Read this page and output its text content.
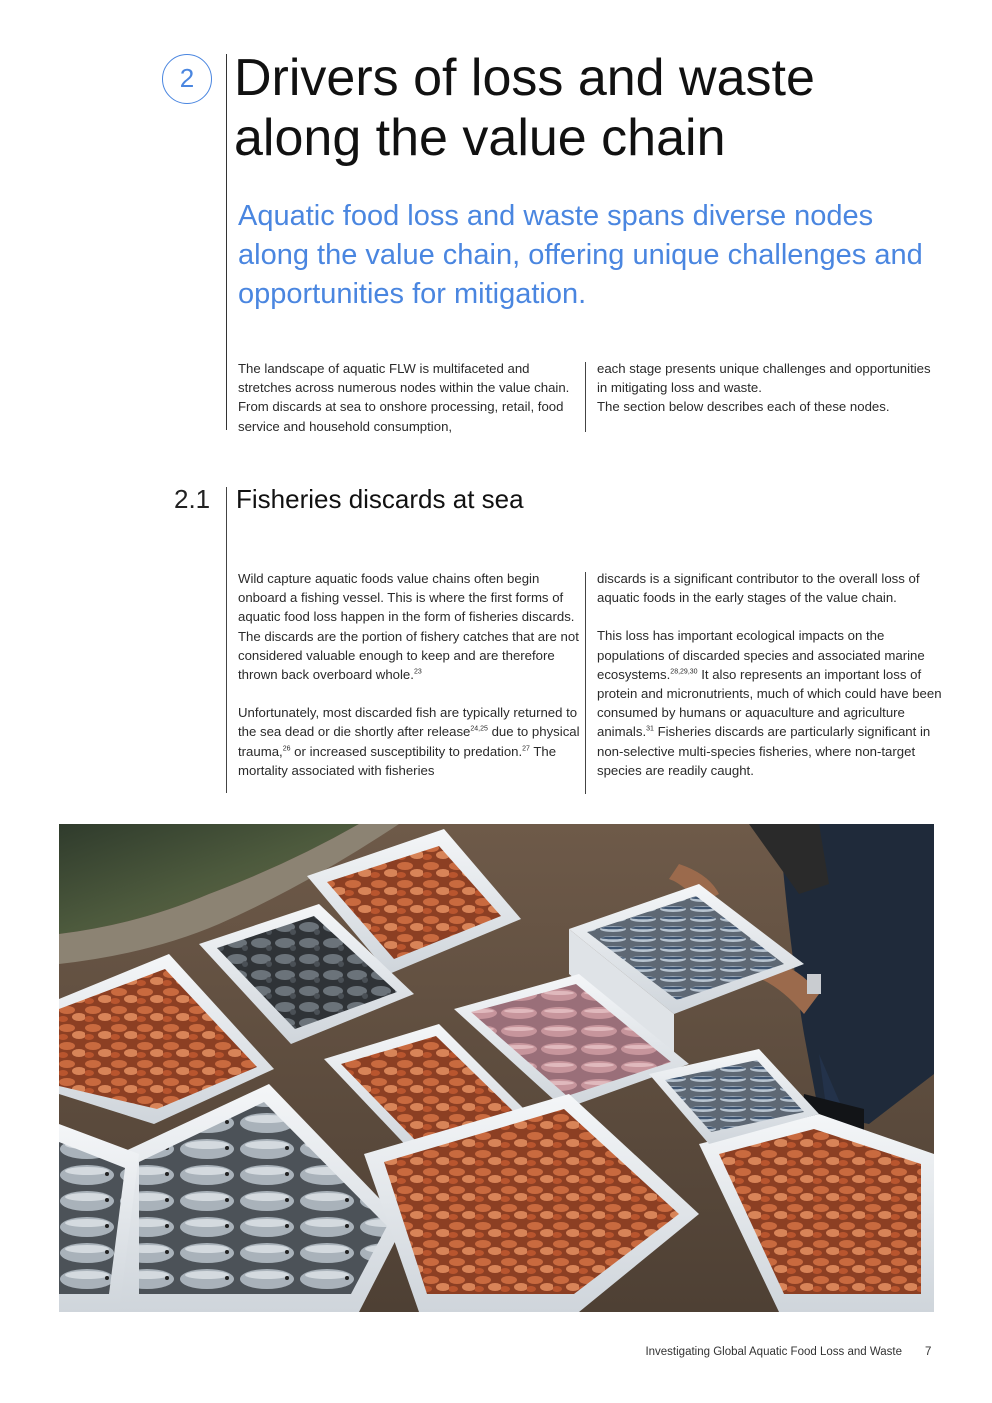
2 Drivers of loss and waste
along the value chain
Aquatic food loss and waste spans diverse nodes along the value chain, offering unique challenges and opportunities for mitigation.

The landscape of aquatic FLW is multifaceted and stretches across numerous nodes within the value chain. From discards at sea to onshore processing, retail, food service and household consumption,

each stage presents unique challenges and opportunities in mitigating loss and waste.
The section below describes each of these nodes.

2.1 Fisheries discards at sea

Wild capture aquatic foods value chains often begin onboard a fishing vessel. This is where the first forms of aquatic food loss happen in the form of fisheries discards. The discards are the portion of fishery catches that are not considered valuable enough to keep and are therefore thrown back overboard whole.$^{23}$

Unfortunately, most discarded fish are typically returned to the sea dead or die shortly after release$^{24,25}$ due to physical trauma,$^{26}$ or increased susceptibility to predation.$^{27}$ The mortality associated with fisheries

discards is a significant contributor to the overall loss of aquatic foods in the early stages of the value chain.

This loss has important ecological impacts on the populations of discarded species and associated marine ecosystems.$^{28,29,30}$ It also represents an important loss of protein and micronutrients, much of which could have been consumed by humans or aquaculture and agriculture animals.$^{31}$ Fisheries discards are particularly significant in non-selective multi-species fisheries, where non-target species are readily caught.

Investigating Global Aquatic Food Loss and Waste 7
